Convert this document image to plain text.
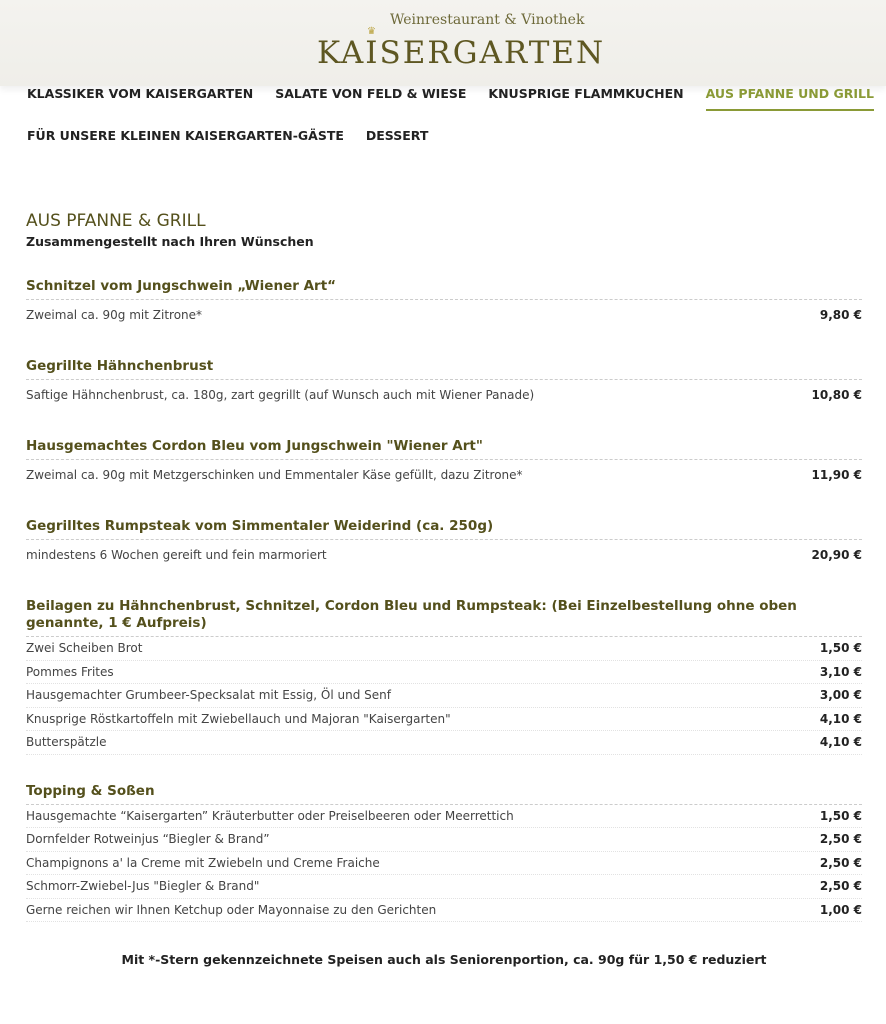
♛
Weinrestaurant & Vinothek
KAISERGARTEN
KLASSIKER VOM KAISERGARTEN SALATE VON FELD & WIESE KNUSPRIGE FLAMMKUCHEN AUS PFANNE UND GRILL
FÜR UNSERE KLEINEN KAISERGARTEN-GÄSTE DESSERT
AUS PFANNE & GRILL
Zusammengestellt nach Ihren Wünschen
Schnitzel vom Jungschwein „Wiener Art“
Zweimal ca. 90g mit Zitrone*	9,80 €
Gegrillte Hähnchenbrust
Saftige Hähnchenbrust, ca. 180g, zart gegrillt (auf Wunsch auch mit Wiener Panade)	10,80 €
Hausgemachtes Cordon Bleu vom Jungschwein "Wiener Art"
Zweimal ca. 90g mit Metzgerschinken und Emmentaler Käse gefüllt, dazu Zitrone*	11,90 €
Gegrilltes Rumpsteak vom Simmentaler Weiderind (ca. 250g)
mindestens 6 Wochen gereift und fein marmoriert	20,90 €
Beilagen zu Hähnchenbrust, Schnitzel, Cordon Bleu und Rumpsteak: (Bei Einzelbestellung ohne oben genannte, 1 € Aufpreis)
Zwei Scheiben Brot	1,50 €
Pommes Frites	3,10 €
Hausgemachter Grumbeer-Specksalat mit Essig, Öl und Senf	3,00 €
Knusprige Röstkartoffeln mit Zwiebellauch und Majoran "Kaisergarten"	4,10 €
Butterspätzle	4,10 €
Topping & Soßen
Hausgemachte “Kaisergarten” Kräuterbutter oder Preiselbeeren oder Meerrettich	1,50 €
Dornfelder Rotweinjus “Biegler & Brand”	2,50 €
Champignons a' la Creme mit Zwiebeln und Creme Fraiche	2,50 €
Schmorr-Zwiebel-Jus "Biegler & Brand"	2,50 €
Gerne reichen wir Ihnen Ketchup oder Mayonnaise zu den Gerichten	1,00 €
Mit *-Stern gekennzeichnete Speisen auch als Seniorenportion, ca. 90g für 1,50 € reduziert
